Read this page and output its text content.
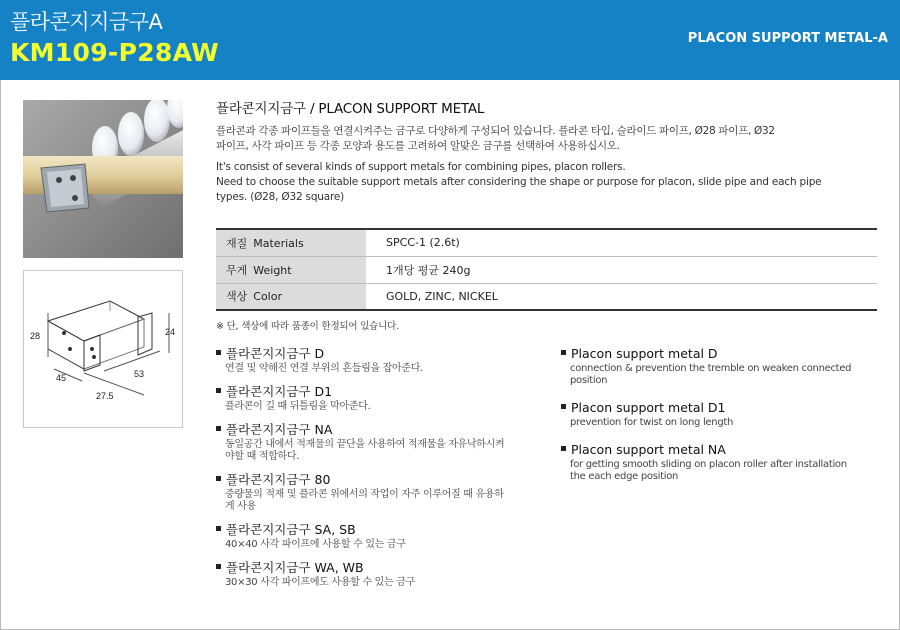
플라콘지지금구A
KM109-P28AW	PLACON SUPPORT METAL-A
28	24
45	53
27.5
플라콘지지금구 / PLACON SUPPORT METAL
플라콘과 각종 파이프들을 연결시켜주는 금구로 다양하게 구성되어 있습니다. 플라콘 타입, 슬라이드 파이프, Ø28 파이프, Ø32
파이프, 사각 파이프 등 각종 모양과 용도를 고려하여 알맞은 금구를 선택하여 사용하십시오.
It's consist of several kinds of support metals for combining pipes, placon rollers.
Need to choose the suitable support metals after considering the shape or purpose for placon, slide pipe and each pipe
types. (Ø28, Ø32 square)
재질 Materials	SPCC-1 (2.6t)
무게 Weight	1개당 평균 240g
색상 Color	GOLD, ZINC, NICKEL
※ 단, 색상에 따라 품종이 한정되어 있습니다.
플라콘지지금구 D
연결 및 약해진 연결 부위의 흔들림을 잡아준다.
플라콘지지금구 D1
플라콘이 길 때 뒤틀림을 막아준다.
플라콘지지금구 NA
동일공간 내에서 적재물의 끝단을 사용하여 적재물을 자유낙하시켜
야할 때 적합하다.
플라콘지지금구 80
중량물의 적재 및 플라콘 위에서의 작업이 자주 이루어질 때 유용하
게 사용
플라콘지지금구 SA, SB
40×40 사각 파이프에 사용할 수 있는 금구
플라콘지지금구 WA, WB
30×30 사각 파이프에도 사용할 수 있는 금구
Placon support metal D
connection & prevention the tremble on weaken connected
position
Placon support metal D1
prevention for twist on long length
Placon support metal NA
for getting smooth sliding on placon roller after installation
the each edge position
